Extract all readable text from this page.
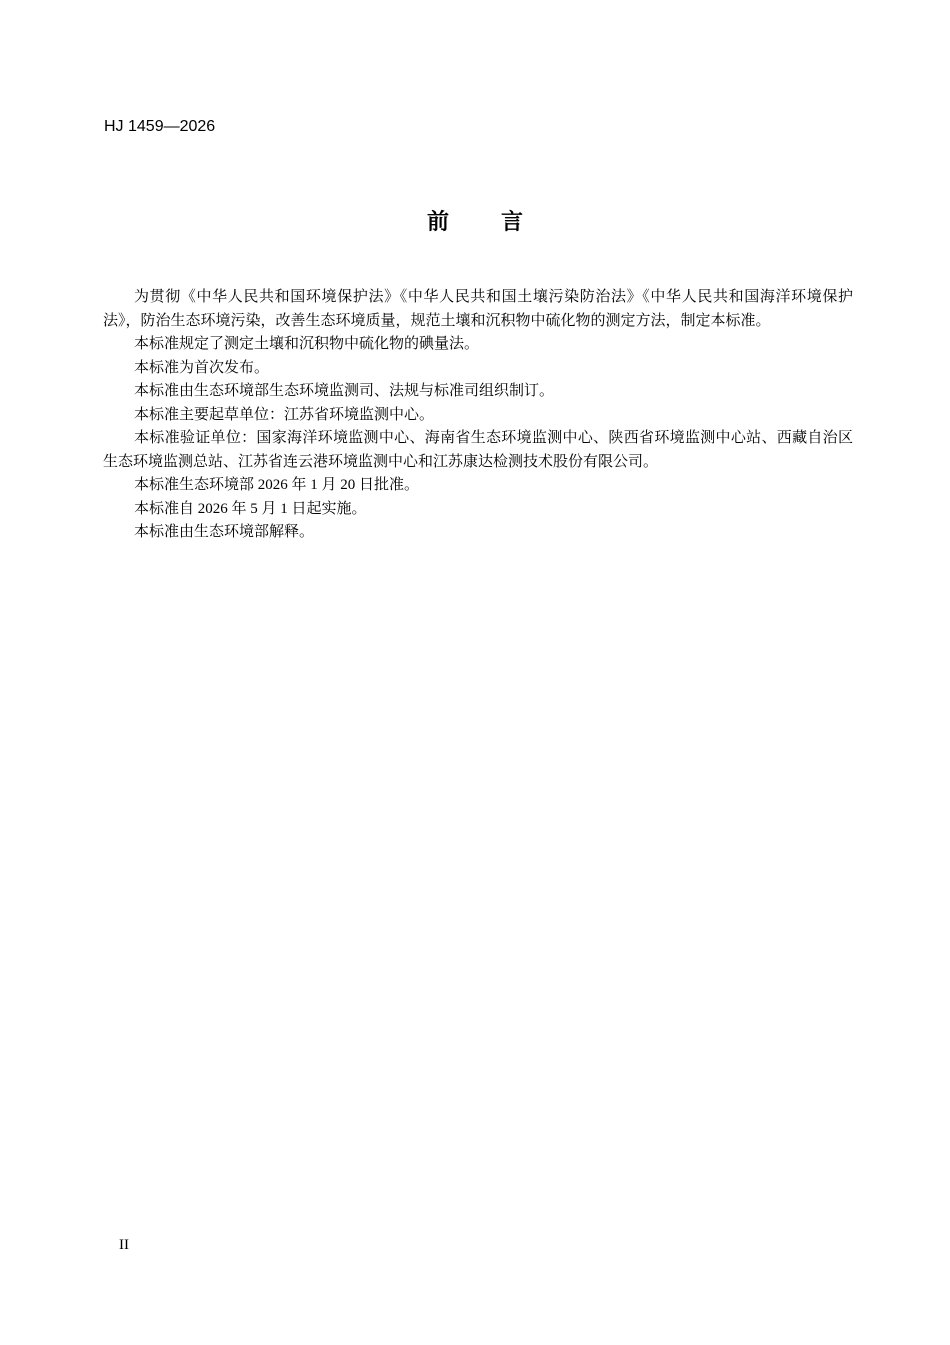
HJ 1459—2026
前言

为贯彻《中华人民共和国环境保护法》《中华人民共和国土壤污染防治法》《中华人民共和国海洋环境保护法》，防治生态环境污染，改善生态环境质量，规范土壤和沉积物中硫化物的测定方法，制定本标准。

本标准规定了测定土壤和沉积物中硫化物的碘量法。

本标准为首次发布。

本标准由生态环境部生态环境监测司、法规与标准司组织制订。

本标准主要起草单位：江苏省环境监测中心。

本标准验证单位：国家海洋环境监测中心、海南省生态环境监测中心、陕西省环境监测中心站、西藏自治区生态环境监测总站、江苏省连云港环境监测中心和江苏康达检测技术股份有限公司。

本标准生态环境部 2026 年 1 月 20 日批准。

本标准自 2026 年 5 月 1 日起实施。

本标准由生态环境部解释。

II
